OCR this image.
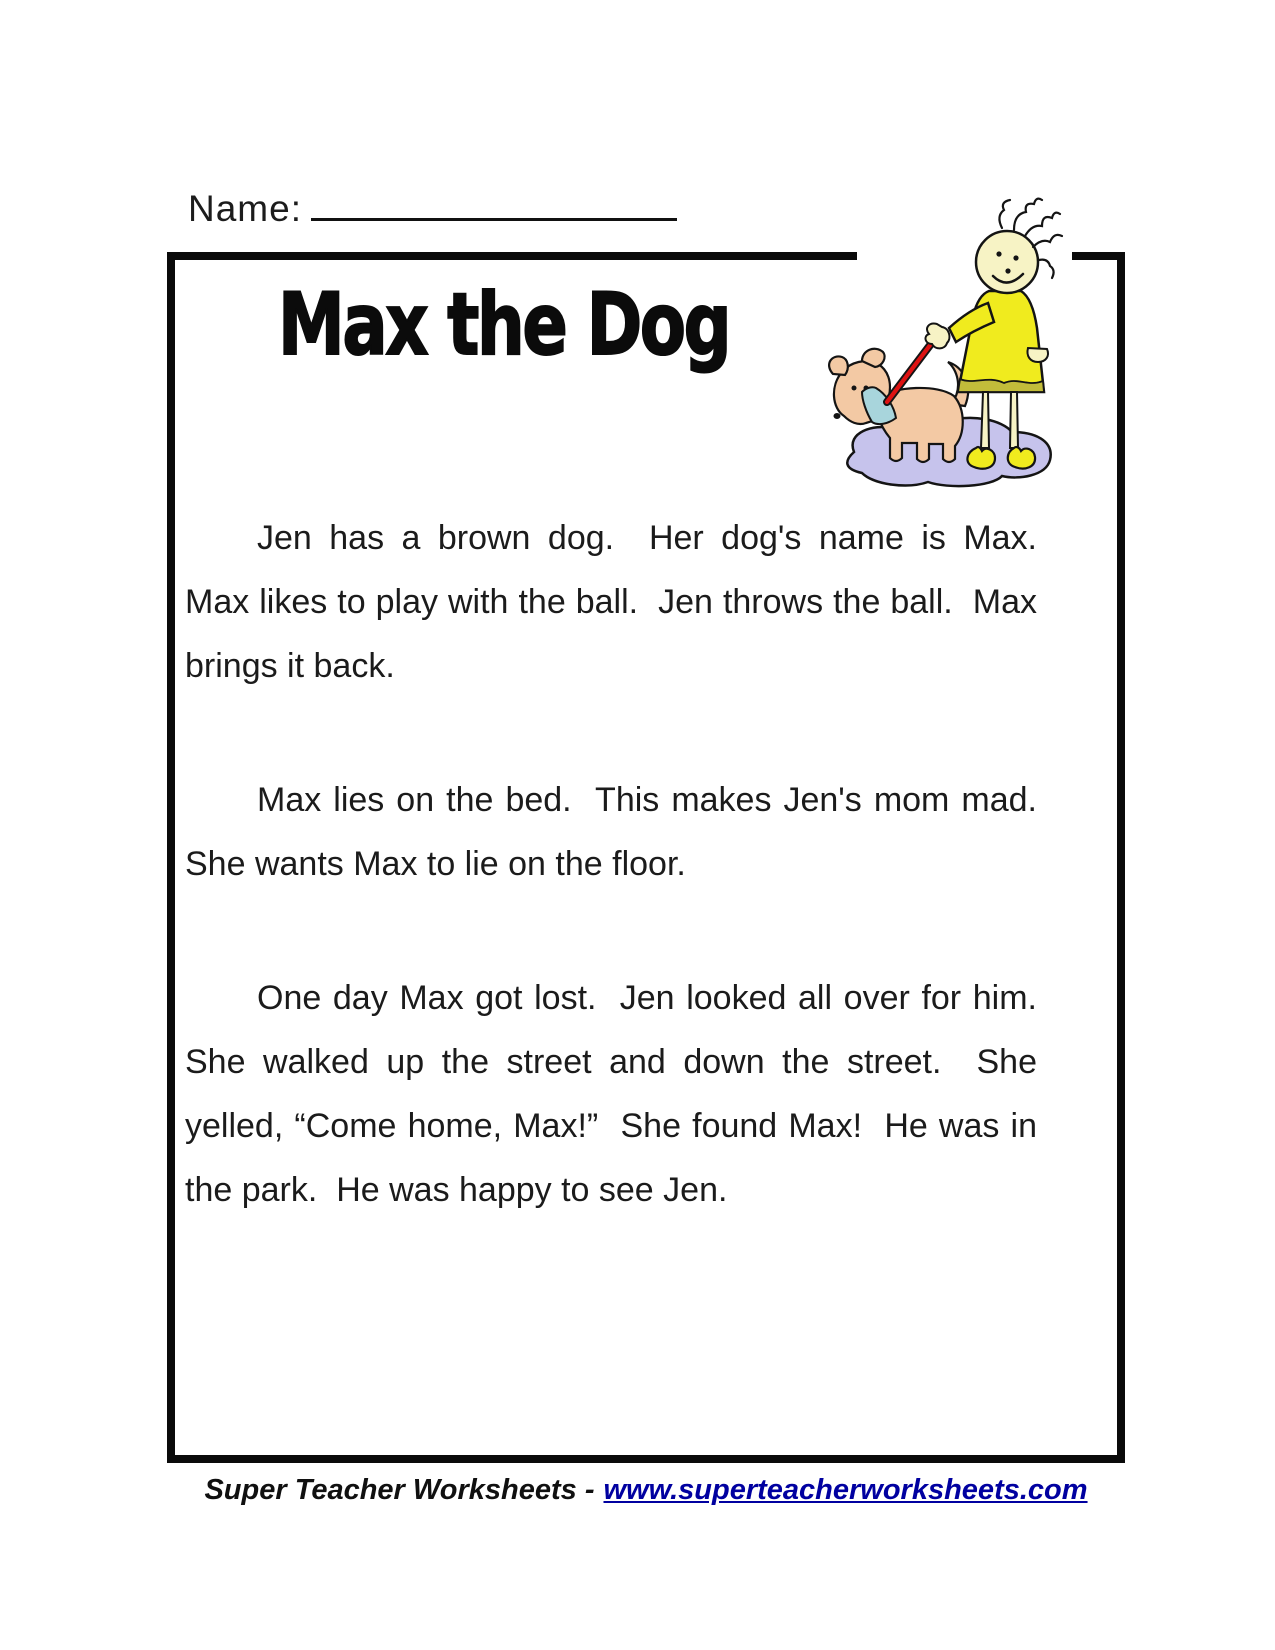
Name:
Max the Dog

Jen has a brown dog.  Her dog's name is Max.  Max likes to play with the ball.  Jen throws the ball.  Max brings it back.

Max lies on the bed.  This makes Jen's mom mad.  She wants Max to lie on the floor.

One day Max got lost.  Jen looked all over for him.  She walked up the street and down the street.  She yelled, “Come home, Max!”  She found Max!  He was in the park.  He was happy to see Jen.

Super Teacher Worksheets - www.superteacherworksheets.com
